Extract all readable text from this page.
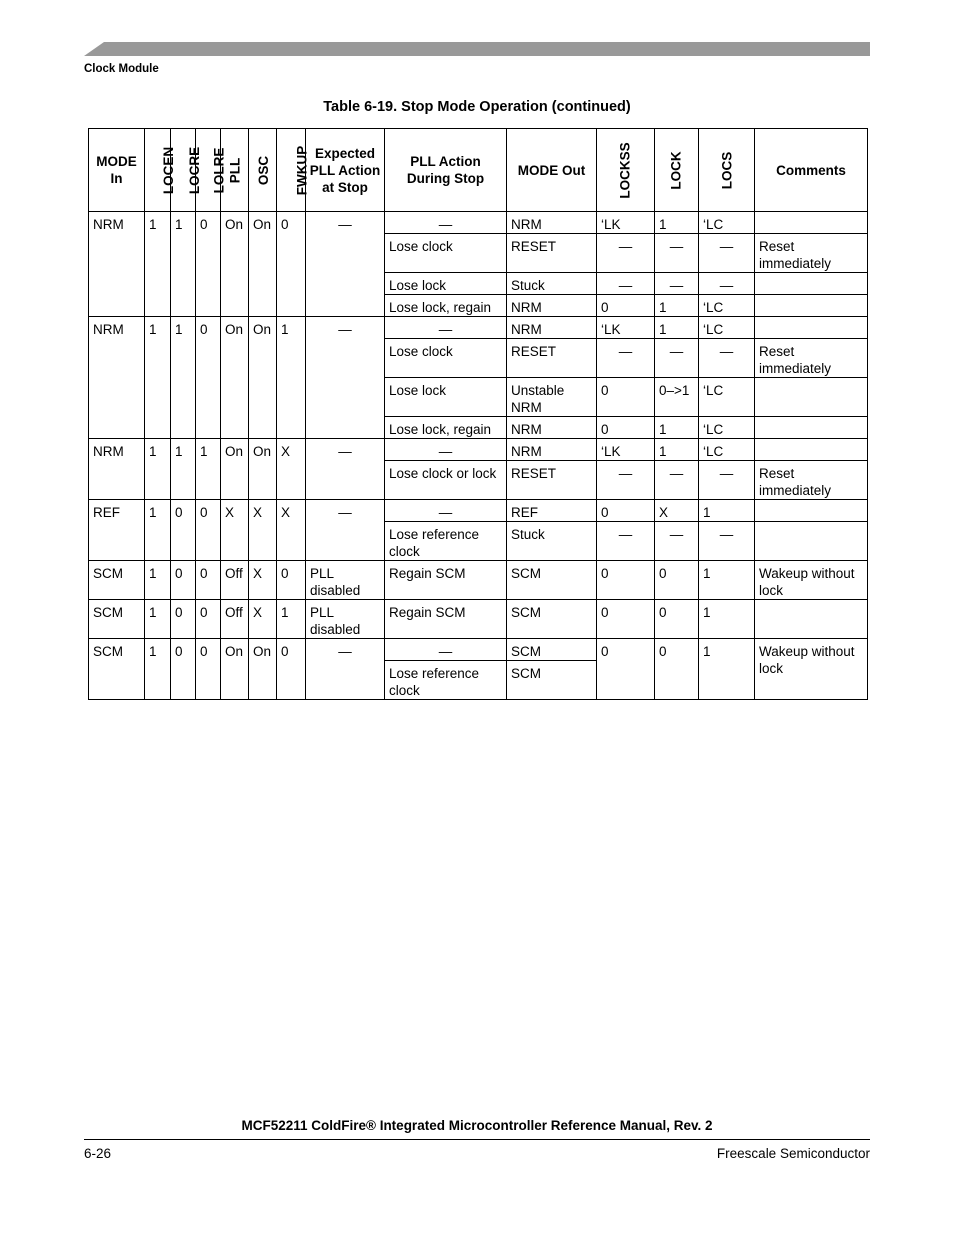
Clock Module
Table 6-19. Stop Mode Operation (continued)
MODE In	LOCEN	LOCRE	LOLRE	PLL	OSC	FWKUP	Expected PLL Action at Stop	PLL Action During Stop	MODE Out	LOCKSS	LOCK	LOCS	Comments
NRM	1	1	0	On	On	0	—	—	NRM	‘LK	1	‘LC	
								Lose clock	RESET	—	—	—	Reset immediately
								Lose lock	Stuck	—	—	—	
								Lose lock, regain	NRM	0	1	‘LC	
NRM	1	1	0	On	On	1	—	—	NRM	‘LK	1	‘LC	
								Lose clock	RESET	—	—	—	Reset immediately
								Lose lock	Unstable NRM	0	0–>1	‘LC	
								Lose lock, regain	NRM	0	1	‘LC	
NRM	1	1	1	On	On	X	—	—	NRM	‘LK	1	‘LC	
								Lose clock or lock	RESET	—	—	—	Reset immediately
REF	1	0	0	X	X	X	—	—	REF	0	X	1	
								Lose reference clock	Stuck	—	—	—	
SCM	1	0	0	Off	X	0	PLL disabled	Regain SCM	SCM	0	0	1	Wakeup without lock
SCM	1	0	0	Off	X	1	PLL disabled	Regain SCM	SCM	0	0	1	
SCM	1	0	0	On	On	0	—	—	SCM	0	0	1	Wakeup without lock
								Lose reference clock	SCM				
MCF52211 ColdFire® Integrated Microcontroller Reference Manual, Rev. 2
6-26	Freescale Semiconductor
